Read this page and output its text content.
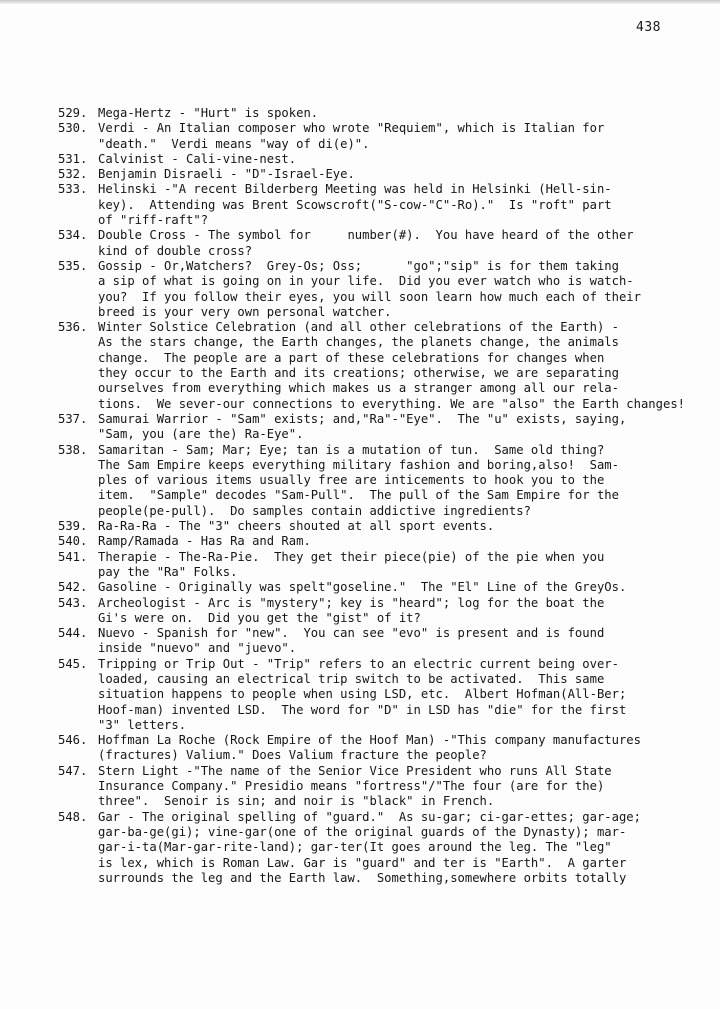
438
529. Mega-Hertz - "Hurt" is spoken.
530. Verdi - An Italian composer who wrote "Requiem", which is Italian for
"death."  Verdi means "way of di(e)".
531. Calvinist - Cali-vine-nest.
532. Benjamin Disraeli - "D"-Israel-Eye.
533. Helinski -"A recent Bilderberg Meeting was held in Helsinki (Hell-sin-
key).  Attending was Brent Scowscroft("S-cow-"C"-Ro)."  Is "roft" part
of "riff-raft"?
534. Double Cross - The symbol for     number(#).  You have heard of the other
kind of double cross?
535. Gossip - Or,Watchers?  Grey-Os; Oss;      "go";"sip" is for them taking
a sip of what is going on in your life.  Did you ever watch who is watch-
you?  If you follow their eyes, you will soon learn how much each of their
breed is your very own personal watcher.
536. Winter Solstice Celebration (and all other celebrations of the Earth) -
As the stars change, the Earth changes, the planets change, the animals
change.  The people are a part of these celebrations for changes when
they occur to the Earth and its creations; otherwise, we are separating
ourselves from everything which makes us a stranger among all our rela-
tions.  We sever-our connections to everything. We are "also" the Earth changes!
537. Samurai Warrior - "Sam" exists; and,"Ra"-"Eye".  The "u" exists, saying,
"Sam, you (are the) Ra-Eye".
538. Samaritan - Sam; Mar; Eye; tan is a mutation of tun.  Same old thing?
The Sam Empire keeps everything military fashion and boring,also!  Sam-
ples of various items usually free are inticements to hook you to the
item.  "Sample" decodes "Sam-Pull".  The pull of the Sam Empire for the
people(pe-pull).  Do samples contain addictive ingredients?
539. Ra-Ra-Ra - The "3" cheers shouted at all sport events.
540. Ramp/Ramada - Has Ra and Ram.
541. Therapie - The-Ra-Pie.  They get their piece(pie) of the pie when you
pay the "Ra" Folks.
542. Gasoline - Originally was spelt"goseline."  The "El" Line of the GreyOs.
543. Archeologist - Arc is "mystery"; key is "heard"; log for the boat the
Gi's were on.  Did you get the "gist" of it?
544. Nuevo - Spanish for "new".  You can see "evo" is present and is found
inside "nuevo" and "juevo".
545. Tripping or Trip Out - "Trip" refers to an electric current being over-
loaded, causing an electrical trip switch to be activated.  This same
situation happens to people when using LSD, etc.  Albert Hofman(All-Ber;
Hoof-man) invented LSD.  The word for "D" in LSD has "die" for the first
"3" letters.
546. Hoffman La Roche (Rock Empire of the Hoof Man) -"This company manufactures
(fractures) Valium." Does Valium fracture the people?
547. Stern Light -"The name of the Senior Vice President who runs All State
Insurance Company." Presidio means "fortress"/"The four (are for the)
three".  Senoir is sin; and noir is "black" in French.
548. Gar - The original spelling of "guard."  As su-gar; ci-gar-ettes; gar-age;
gar-ba-ge(gi); vine-gar(one of the original guards of the Dynasty); mar-
gar-i-ta(Mar-gar-rite-land); gar-ter(It goes around the leg. The "leg"
is lex, which is Roman Law. Gar is "guard" and ter is "Earth".  A garter
surrounds the leg and the Earth law.  Something,somewhere orbits totally
